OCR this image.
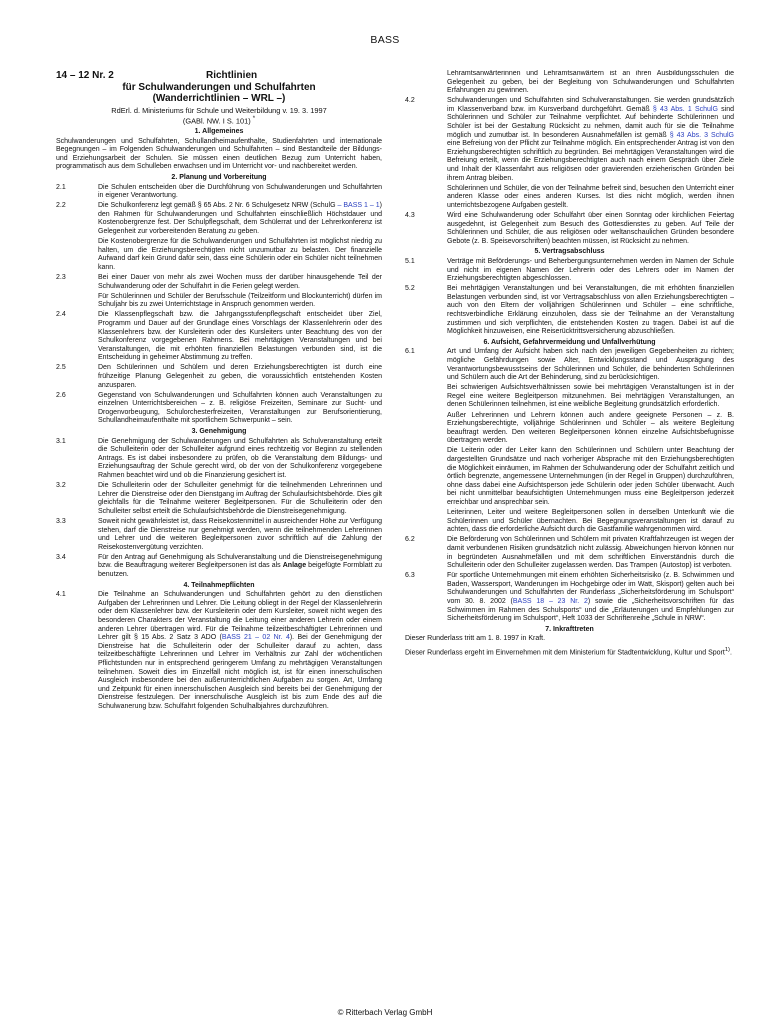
BASS
14 – 12 Nr. 2	Richtlinien
für Schulwanderungen und Schulfahrten
(Wanderrichtlinien – WRL –)
RdErl. d. Ministeriums für Schule und Weiterbildung v. 19. 3. 1997
(GABl. NW. I S. 101) *
1. Allgemeines
Schulwanderungen und Schulfahrten, Schullandheimaufenthalte, Studienfahrten und internationale Begegnungen – im Folgenden Schulwanderungen und Schulfahrten – sind Bestandteile der Bildungs- und Erziehungsarbeit der Schulen. Sie müssen einen deutlichen Bezug zum Unterricht haben, programmatisch aus dem Schulleben erwachsen und im Unterricht vor- und nachbereitet werden.
2. Planung und Vorbereitung
2.1	Die Schulen entscheiden über die Durchführung von Schulwanderungen und Schulfahrten in eigener Verantwortung.
2.2	Die Schulkonferenz legt gemäß § 65 Abs. 2 Nr. 6 Schulgesetz NRW (SchulG – BASS 1 – 1) den Rahmen für Schulwanderungen und Schulfahrten einschließlich Höchstdauer und Kostenobergrenze fest. Der Schulpflegschaft, dem Schülerrat und der Lehrerkonferenz ist Gelegenheit zur vorbereitenden Beratung zu geben.
Die Kostenobergrenze für die Schulwanderungen und Schulfahrten ist möglichst niedrig zu halten, um die Erziehungsberechtigten nicht unzumutbar zu belasten. Der finanzielle Aufwand darf kein Grund dafür sein, dass eine Schülerin oder ein Schüler nicht teilnehmen kann.
2.3	Bei einer Dauer von mehr als zwei Wochen muss der darüber hinausgehende Teil der Schulwanderung oder der Schulfahrt in die Ferien gelegt werden.
Für Schülerinnen und Schüler der Berufsschule (Teilzeitform und Blockunterricht) dürfen im Schuljahr bis zu zwei Unterrichtstage in Anspruch genommen werden.
2.4	Die Klassenpflegschaft bzw. die Jahrgangsstufenpflegschaft entscheidet über Ziel, Programm und Dauer auf der Grundlage eines Vorschlags der Klassenlehrerin oder des Klassenlehrers bzw. der Kursleiterin oder des Kursleiters unter Beachtung des von der Schulkonferenz vorgegebenen Rahmens. Bei mehrtägigen Veranstaltungen und bei Veranstaltungen, die mit erhöhten finanziellen Belastungen verbunden sind, ist die Entscheidung in geheimer Abstimmung zu treffen.
2.5	Den Schülerinnen und Schülern und deren Erziehungsberechtigten ist durch eine frühzeitige Planung Gelegenheit zu geben, die voraussichtlich entstehenden Kosten anzusparen.
2.6	Gegenstand von Schulwanderungen und Schulfahrten können auch Veranstaltungen zu einzelnen Unterrichtsbereichen – z. B. religiöse Freizeiten, Seminare zur Sucht- und Drogenvorbeugung, Schulorchesterfreizeiten, Veranstaltungen zur Berufsorientierung, Schullandheimaufenthalte mit sportlichem Schwerpunkt – sein.
3. Genehmigung
3.1	Die Genehmigung der Schulwanderungen und Schulfahrten als Schulveranstaltung erteilt die Schulleiterin oder der Schulleiter aufgrund eines rechtzeitig vor Beginn zu stellenden Antrags. Es ist dabei insbesondere zu prüfen, ob die Veranstaltung dem Bildungs- und Erziehungsauftrag der Schule gerecht wird, ob der von der Schulkonferenz vorgegebene Rahmen beachtet wird und ob die Finanzierung gesichert ist.
3.2	Die Schulleiterin oder der Schulleiter genehmigt für die teilnehmenden Lehrerinnen und Lehrer die Dienstreise oder den Dienstgang im Auftrag der Schulaufsichtsbehörde. Dies gilt gleichfalls für die Teilnahme weiterer Begleitpersonen. Für die Schulleiterin oder den Schulleiter selbst erteilt die Schulaufsichtsbehörde die Dienstreisegenehmigung.
3.3	Soweit nicht gewährleistet ist, dass Reisekostenmittel in ausreichender Höhe zur Verfügung stehen, darf die Dienstreise nur genehmigt werden, wenn die teilnehmenden Lehrerinnen und Lehrer und die weiteren Begleitpersonen zuvor schriftlich auf die Zahlung der Reisekostenvergütung verzichten.
3.4	Für den Antrag auf Genehmigung als Schulveranstaltung und die Dienstreisegenehmigung bzw. die Beauftragung weiterer Begleitpersonen ist das als Anlage beigefügte Formblatt zu benutzen.
4. Teilnahmepflichten
4.1	Die Teilnahme an Schulwanderungen und Schulfahrten gehört zu den dienstlichen Aufgaben der Lehrerinnen und Lehrer. Die Leitung obliegt in der Regel der Klassenlehrerin oder dem Klassenlehrer bzw. der Kursleiterin oder dem Kursleiter, soweit nicht wegen des besonderen Charakters der Veranstaltung die Leitung einer anderen Lehrerin oder einem anderen Lehrer übertragen wird. Für die Teilnahme teilzeitbeschäftigter Lehrerinnen und Lehrer gilt § 15 Abs. 2 Satz 3 ADO (BASS 21 – 02 Nr. 4). Bei der Genehmigung der Dienstreise hat die Schulleiterin oder der Schulleiter darauf zu achten, dass teilzeitbeschäftigte Lehrerinnen und Lehrer im Verhältnis zur Zahl der wöchentlichen Pflichtstunden nur in entsprechend geringerem Umfang zu mehrtägigen Veranstaltungen teilnehmen. Soweit dies im Einzelfall nicht möglich ist, ist für einen innerschulischen Ausgleich insbesondere bei den außerunterrichtlichen Aufgaben zu sorgen. Art, Umfang und Zeitpunkt für einen innerschulischen Ausgleich sind bereits bei der Genehmigung der Dienstreise festzulegen. Der innerschulische Ausgleich ist bis zum Ende des auf die Schulwanerung bzw. Schulfahrt folgenden Schulhalbjahres durchzuführen.
Lehramtsanwärterinnen und Lehramtsanwärtern ist an ihren Ausbildungsschulen die Gelegenheit zu geben, bei der Begleitung von Schulwanderungen und Schulfahrten Erfahrungen zu gewinnen.
4.2	Schulwanderungen und Schulfahrten sind Schulveranstaltungen. Sie werden grundsätzlich im Klassenverband bzw. im Kursverband durchgeführt. Gemäß § 43 Abs. 1 SchulG sind Schülerinnen und Schüler zur Teilnahme verpflichtet. Auf behinderte Schülerinnen und Schüler ist bei der Gestaltung Rücksicht zu nehmen, damit auch für sie die Teilnahme möglich und zumutbar ist. In besonderen Ausnahmefällen ist gemäß § 43 Abs. 3 SchulG eine Befreiung von der Pflicht zur Teilnahme möglich. Ein entsprechender Antrag ist von den Erziehungsberechtigten schriftlich zu begründen. Bei mehrtägigen Veranstaltungen wird die Befreiung erteilt, wenn die Erziehungsberechtigten auch nach einem Gespräch über Ziele und Inhalt der Klassenfahrt aus religiösen oder gravierenden erzieherischen Gründen bei ihrem Antrag bleiben.
Schülerinnen und Schüler, die von der Teilnahme befreit sind, besuchen den Unterricht einer anderen Klasse oder eines anderen Kurses. Ist dies nicht möglich, werden ihnen unterrichtsbezogene Aufgaben gestellt.
4.3	Wird eine Schulwanderung oder Schulfahrt über einen Sonntag oder kirchlichen Feiertag ausgedehnt, ist Gelegenheit zum Besuch des Gottesdienstes zu geben. Auf Teile der Schülerinnen und Schüler, die aus religiösen oder weltanschaulichen Gründen besondere Gebote (z. B. Speisevorschriften) beachten müssen, ist Rücksicht zu nehmen.
5. Vertragsabschluss
5.1	Verträge mit Beförderungs- und Beherbergungsunternehmen werden im Namen der Schule und nicht im eigenen Namen der Lehrerin oder des Lehrers oder im Namen der Erziehungsberechtigten abgeschlossen.
5.2	Bei mehrtägigen Veranstaltungen und bei Veranstaltungen, die mit erhöhten finanziellen Belastungen verbunden sind, ist vor Vertragsabschluss von allen Erziehungsberechtigten – auch von den Eltern der volljährigen Schülerinnen und Schüler – eine schriftliche, rechtsverbindliche Erklärung einzuholen, dass sie der Teilnahme an der Veranstaltung zustimmen und sich verpflichten, die entstehenden Kosten zu tragen. Dabei ist auf die Möglichkeit hinzuweisen, eine Reiserücktrittsversicherung abzuschließen.
6. Aufsicht, Gefahrvermeidung und Unfallverhütung
6.1	Art und Umfang der Aufsicht haben sich nach den jeweiligen Gegebenheiten zu richten; mögliche Gefährdungen sowie Alter, Entwicklungsstand und Ausprägung des Verantwortungsbewusstseins der Schülerinnen und Schüler, die behinderten Schülerinnen und Schülern auch die Art der Behinderung, sind zu berücksichtigen.
Bei schwierigen Aufsichtsverhältnissen sowie bei mehrtägigen Veranstaltungen ist in der Regel eine weitere Begleitperson mitzunehmen. Bei mehrtägigen Veranstaltungen, an denen Schülerinnen teilnehmen, ist eine weibliche Begleitung grundsätzlich erforderlich.
Außer Lehrerinnen und Lehrern können auch andere geeignete Personen – z. B. Erziehungsberechtigte, volljährige Schülerinnen und Schüler – als weitere Begleitung beauftragt werden. Den weiteren Begleitpersonen können einzelne Aufsichtsbefugnisse übertragen werden.
Die Leiterin oder der Leiter kann den Schülerinnen und Schülern unter Beachtung der dargestellten Grundsätze und nach vorheriger Absprache mit den Erziehungsberechtigten die Möglichkeit einräumen, im Rahmen der Schulwanderung oder der Schulfahrt zeitlich und örtlich begrenzte, angemessene Unternehmungen (in der Regel in Gruppen) durchzuführen, ohne dass dabei eine Aufsichtsperson jede Schülerin oder jeden Schüler überwacht. Auch bei nicht unmittelbar beaufsichtigten Unternehmungen muss eine Begleitperson jederzeit erreichbar und ansprechbar sein.
Leiterinnen, Leiter und weitere Begleitpersonen sollen in derselben Unterkunft wie die Schülerinnen und Schüler übernachten. Bei Begegnungsveranstaltungen ist darauf zu achten, dass die erforderliche Aufsicht durch die Gastfamilie wahrgenommen wird.
6.2	Die Beförderung von Schülerinnen und Schülern mit privaten Kraftfahrzeugen ist wegen der damit verbundenen Risiken grundsätzlich nicht zulässig. Abweichungen hiervon können nur in begründeten Ausnahmefällen und mit dem schriftlichen Einverständnis durch die Schulleiterin oder den Schulleiter zugelassen werden. Das Trampen (Autostop) ist verboten.
6.3	Für sportliche Unternehmungen mit einem erhöhten Sicherheitsrisiko (z. B. Schwimmen und Baden, Wassersport, Wanderungen im Hochgebirge oder im Watt, Skisport) gelten auch bei Schulwanderungen und Schulfahrten der Runderlass „Sicherheitsförderung im Schulsport“ vom 30. 8. 2002 (BASS 18 – 23 Nr. 2) sowie die „Sicherheitsvorschriften für das Schwimmen im Rahmen des Schulsports“ und die „Erläuterungen und Empfehlungen zur Sicherheitsförderung im Schulsport“, Heft 1033 der Schriftenreihe „Schule in NRW“.
7. Inkrafttreten
Dieser Runderlass tritt am 1. 8. 1997 in Kraft.
Dieser Runderlass ergeht im Einvernehmen mit dem Ministerium für Stadtentwicklung, Kultur und Sport$^{1)}$.
© Ritterbach Verlag GmbH
